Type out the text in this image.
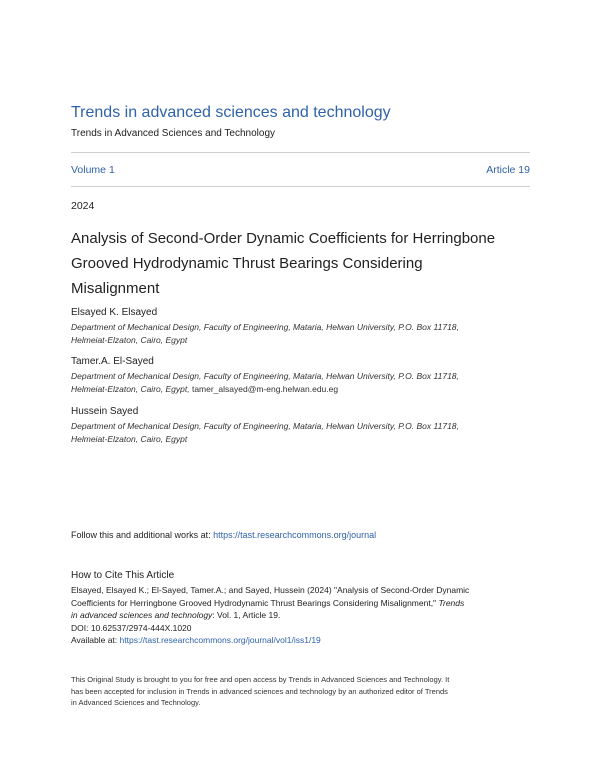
Trends in advanced sciences and technology
Trends in Advanced Sciences and Technology
Volume 1	Article 19
2024
Analysis of Second-Order Dynamic Coefficients for Herringbone
Grooved Hydrodynamic Thrust Bearings Considering
Misalignment
Elsayed K. Elsayed
Department of Mechanical Design, Faculty of Engineering, Mataria, Helwan University, P.O. Box 11718,
Helmeiat-Elzaton, Cairo, Egypt
Tamer.A. El-Sayed
Department of Mechanical Design, Faculty of Engineering, Mataria, Helwan University, P.O. Box 11718,
Helmeiat-Elzaton, Cairo, Egypt, tamer_alsayed@m-eng.helwan.edu.eg
Hussein Sayed
Department of Mechanical Design, Faculty of Engineering, Mataria, Helwan University, P.O. Box 11718,
Helmeiat-Elzaton, Cairo, Egypt
Follow this and additional works at: https://tast.researchcommons.org/journal
How to Cite This Article
Elsayed, Elsayed K.; El-Sayed, Tamer.A.; and Sayed, Hussein (2024) "Analysis of Second-Order Dynamic
Coefficients for Herringbone Grooved Hydrodynamic Thrust Bearings Considering Misalignment," Trends
in advanced sciences and technology: Vol. 1, Article 19.
DOI: 10.62537/2974-444X.1020
Available at: https://tast.researchcommons.org/journal/vol1/iss1/19
This Original Study is brought to you for free and open access by Trends in Advanced Sciences and Technology. It
has been accepted for inclusion in Trends in advanced sciences and technology by an authorized editor of Trends
in Advanced Sciences and Technology.
